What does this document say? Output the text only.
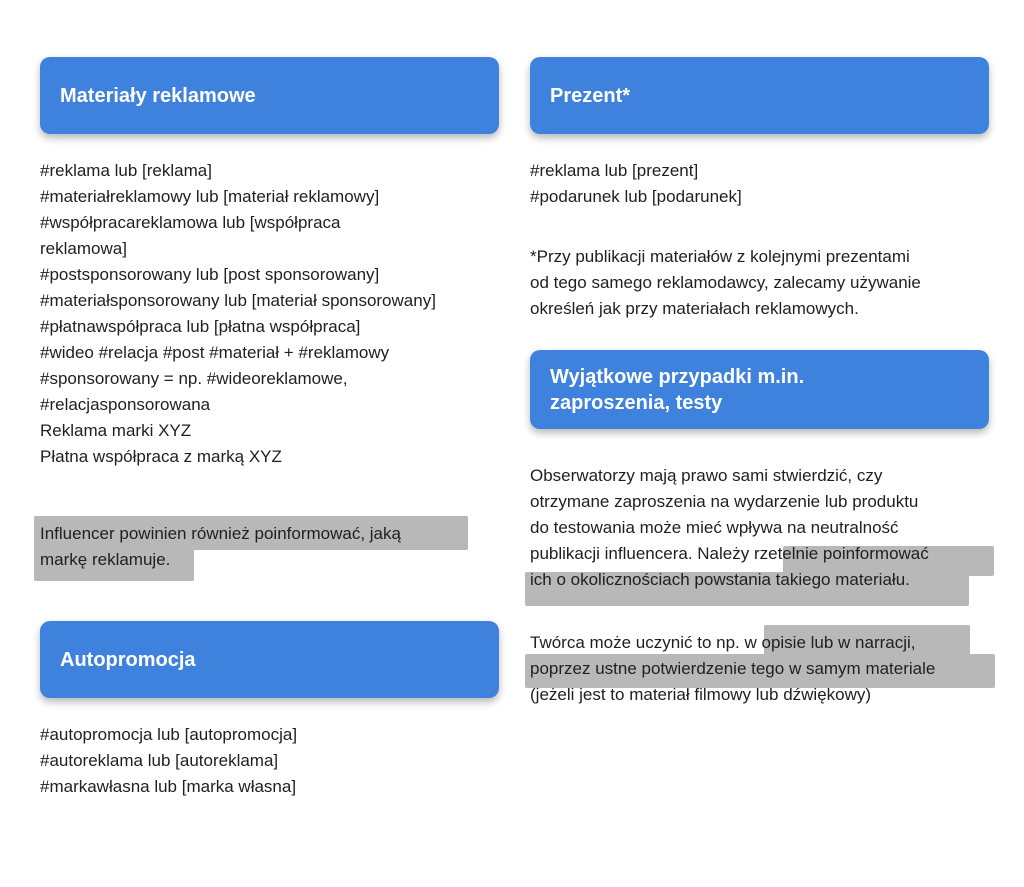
Materiały reklamowe
#reklama lub [reklama]
#materiałreklamowy lub [materiał reklamowy]
#współpracareklamowa lub [współpraca
reklamowa]
#postsponsorowany lub [post sponsorowany]
#materiałsponsorowany lub [materiał sponsorowany]
#płatnawspółpraca lub [płatna współpraca]
#wideo #relacja #post #materiał + #reklamowy
#sponsorowany = np. #wideoreklamowe,
#relacjasponsorowana
Reklama marki XYZ
Płatna współpraca z marką XYZ
Influencer powinien również poinformować, jaką
markę reklamuje.
Autopromocja
#autopromocja lub [autopromocja]
#autoreklama lub [autoreklama]
#markawłasna lub [marka własna]
Prezent*
#reklama lub [prezent]
#podarunek lub [podarunek]
*Przy publikacji materiałów z kolejnymi prezentami
od tego samego reklamodawcy, zalecamy używanie
określeń jak przy materiałach reklamowych.
Wyjątkowe przypadki m.in.
zaproszenia, testy
Obserwatorzy mają prawo sami stwierdzić, czy
otrzymane zaproszenia na wydarzenie lub produktu
do testowania może mieć wpływa na neutralność
publikacji influencera. Należy rzetelnie poinformować
ich o okolicznościach powstania takiego materiału.
Twórca może uczynić to np. w opisie lub w narracji,
poprzez ustne potwierdzenie tego w samym materiale
(jeżeli jest to materiał filmowy lub dźwiękowy)
